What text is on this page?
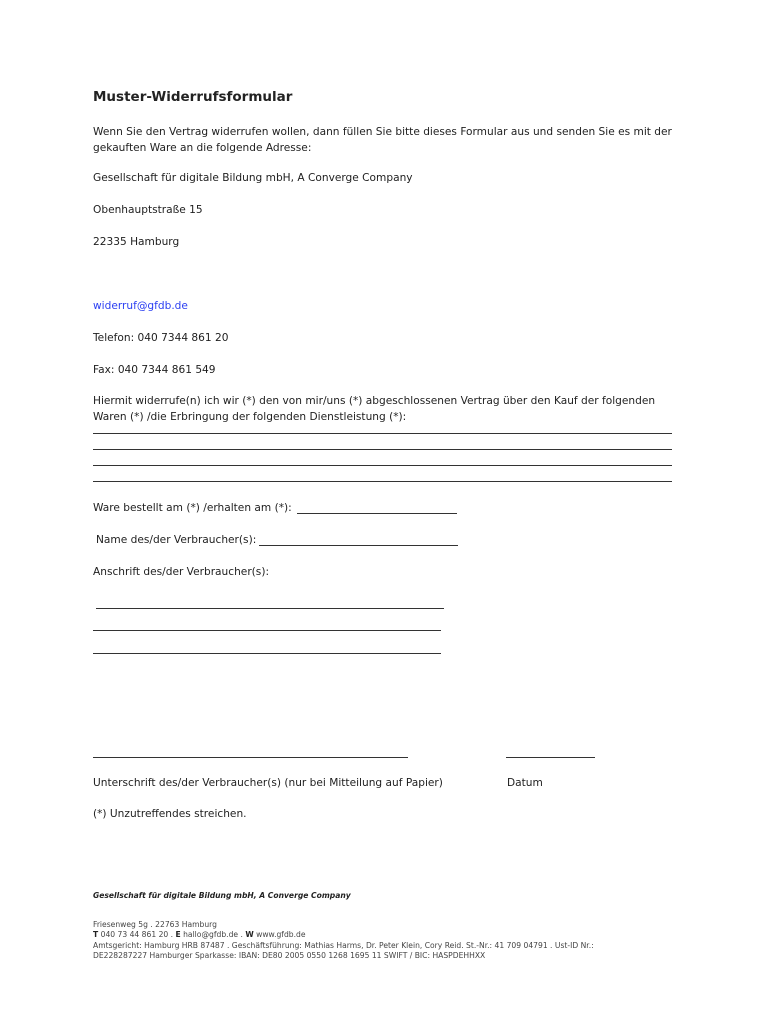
Muster-Widerrufsformular
Wenn Sie den Vertrag widerrufen wollen, dann füllen Sie bitte dieses Formular aus und senden Sie es mit der
gekauften Ware an die folgende Adresse:
Gesellschaft für digitale Bildung mbH, A Converge Company
Obenhauptstraße 15
22335 Hamburg
widerruf@gfdb.de
Telefon: 040 7344 861 20
Fax: 040 7344 861 549
Hiermit widerrufe(n) ich wir (*) den von mir/uns (*) abgeschlossenen Vertrag über den Kauf der folgenden
Waren (*) /die Erbringung der folgenden Dienstleistung (*):
Ware bestellt am (*) /erhalten am (*):
Name des/der Verbraucher(s):
Anschrift des/der Verbraucher(s):
Unterschrift des/der Verbraucher(s) (nur bei Mitteilung auf Papier)	Datum
(*) Unzutreffendes streichen.
Gesellschaft für digitale Bildung mbH, A Converge Company
Friesenweg 5g . 22763 Hamburg
T 040 73 44 861 20 . E hallo@gfdb.de . W www.gfdb.de
Amtsgericht: Hamburg HRB 87487 . Geschäftsführung: Mathias Harms, Dr. Peter Klein, Cory Reid. St.-Nr.: 41 709 04791 . Ust-ID Nr.:
DE228287227 Hamburger Sparkasse: IBAN: DE80 2005 0550 1268 1695 11 SWIFT / BIC: HASPDEHHXX
